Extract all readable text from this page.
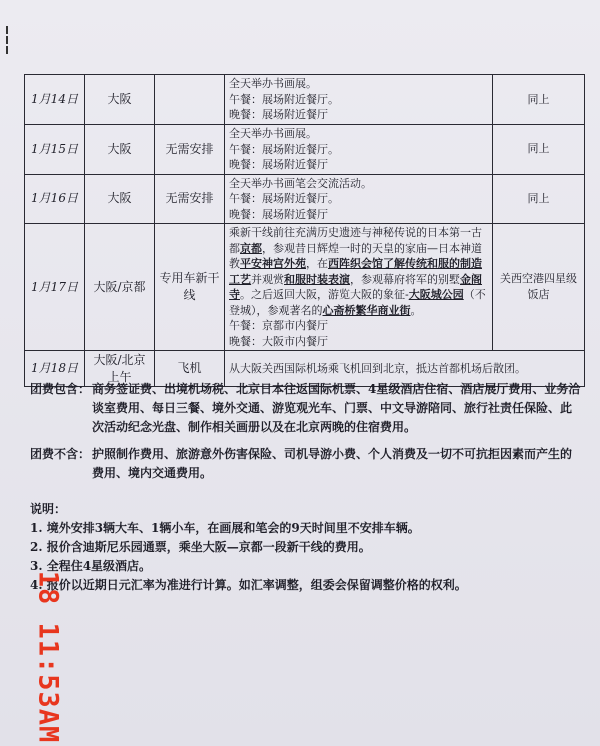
1月14日	大阪		全天举办书画展。

午餐：展场附近餐厅。

晚餐：展场附近餐厅	同上
1月15日	大阪	无需安排	全天举办书画展。

午餐：展场附近餐厅。

晚餐：展场附近餐厅	同上
1月16日	大阪	无需安排	全天举办书画笔会交流活动。

午餐：展场附近餐厅。

晚餐：展场附近餐厅	同上
1月17日	大阪/京都	专用车新干线	乘新干线前往充满历史遗迹与神秘传说的日本第一古都京都，参观昔日辉煌一时的天皇的家庙—日本神道教平安神宫外苑，在西阵织会馆了解传统和服的制造工艺并观赏和服时装表演，参观幕府将军的别墅金阁寺。之后返回大阪，游览大阪的象征-大阪城公园（不登城），参观著名的心斋桥繁华商业街。

午餐：京都市内餐厅

晚餐：大阪市内餐厅	关西空港四星级饭店
1月18日	大阪/北京上午	飞机	从大阪关西国际机场乘飞机回到北京，抵达首都机场后散团。	

团费包含： 商务签证费、出境机场税、北京日本往返国际机票、4星级酒店住宿、酒店展厅费用、业务洽谈室费用、每日三餐、境外交通、游览观光车、门票、中文导游陪同、旅行社责任保险、此次活动纪念光盘、制作相关画册以及在北京两晚的住宿费用。
团费不含： 护照制作费用、旅游意外伤害保险、司机导游小费、个人消费及一切不可抗拒因素而产生的费用、境内交通费用。
说明：
1. 境外安排3辆大车、1辆小车，在画展和笔会的9天时间里不安排车辆。
2. 报价含迪斯尼乐园通票，乘坐大阪—京都一段新干线的费用。
3. 全程住4星级酒店。
4. 报价以近期日元汇率为准进行计算。如汇率调整，组委会保留调整价格的权利。
18 11:53AM
